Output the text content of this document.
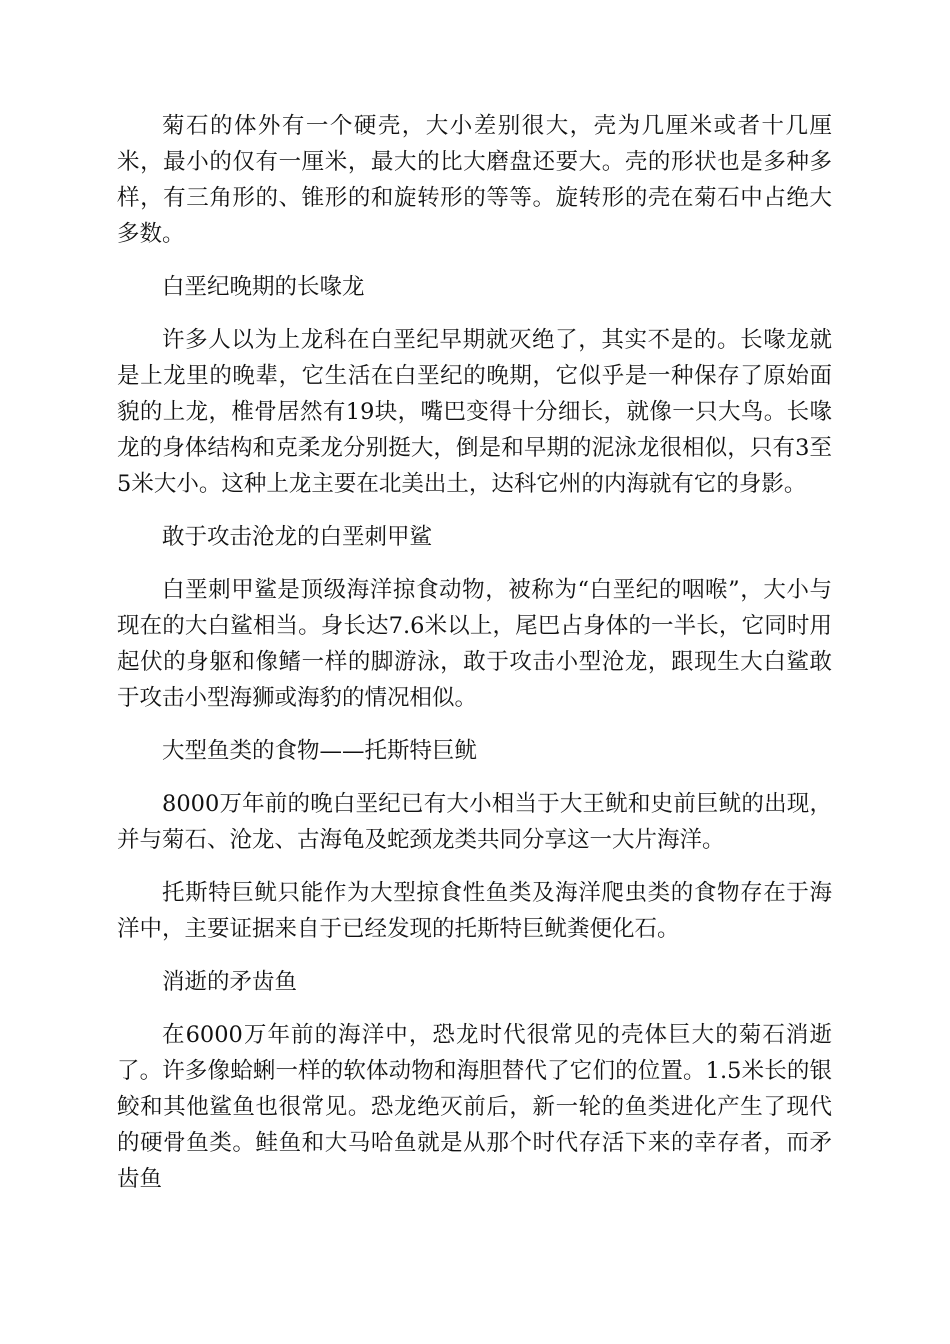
菊石的体外有一个硬壳，大小差别很大，壳为几厘米或者十几厘米，最小的仅有一厘米，最大的比大磨盘还要大。壳的形状也是多种多样，有三角形的、锥形的和旋转形的等等。旋转形的壳在菊石中占绝大多数。

白垩纪晚期的长喙龙

许多人以为上龙科在白垩纪早期就灭绝了，其实不是的。长喙龙就是上龙里的晚辈，它生活在白垩纪的晚期，它似乎是一种保存了原始面貌的上龙，椎骨居然有19块，嘴巴变得十分细长，就像一只大鸟。长喙龙的身体结构和克柔龙分别挺大，倒是和早期的泥泳龙很相似，只有3至5米大小。这种上龙主要在北美出土，达科它州的内海就有它的身影。

敢于攻击沧龙的白垩刺甲鲨

白垩刺甲鲨是顶级海洋掠食动物，被称为“白垩纪的咽喉”，大小与现在的大白鲨相当。身长达7.6米以上，尾巴占身体的一半长，它同时用起伏的身躯和像鳍一样的脚游泳，敢于攻击小型沧龙，跟现生大白鲨敢于攻击小型海狮或海豹的情况相似。

大型鱼类的食物——托斯特巨鱿

8000万年前的晚白垩纪已有大小相当于大王鱿和史前巨鱿的出现，并与菊石、沧龙、古海龟及蛇颈龙类共同分享这一大片海洋。

托斯特巨鱿只能作为大型掠食性鱼类及海洋爬虫类的食物存在于海洋中，主要证据来自于已经发现的托斯特巨鱿粪便化石。

消逝的矛齿鱼

在6000万年前的海洋中，恐龙时代很常见的壳体巨大的菊石消逝了。许多像蛤蜊一样的软体动物和海胆替代了它们的位置。1.5米长的银鲛和其他鲨鱼也很常见。恐龙绝灭前后，新一轮的鱼类进化产生了现代的硬骨鱼类。鲑鱼和大马哈鱼就是从那个时代存活下来的幸存者，而矛齿鱼
